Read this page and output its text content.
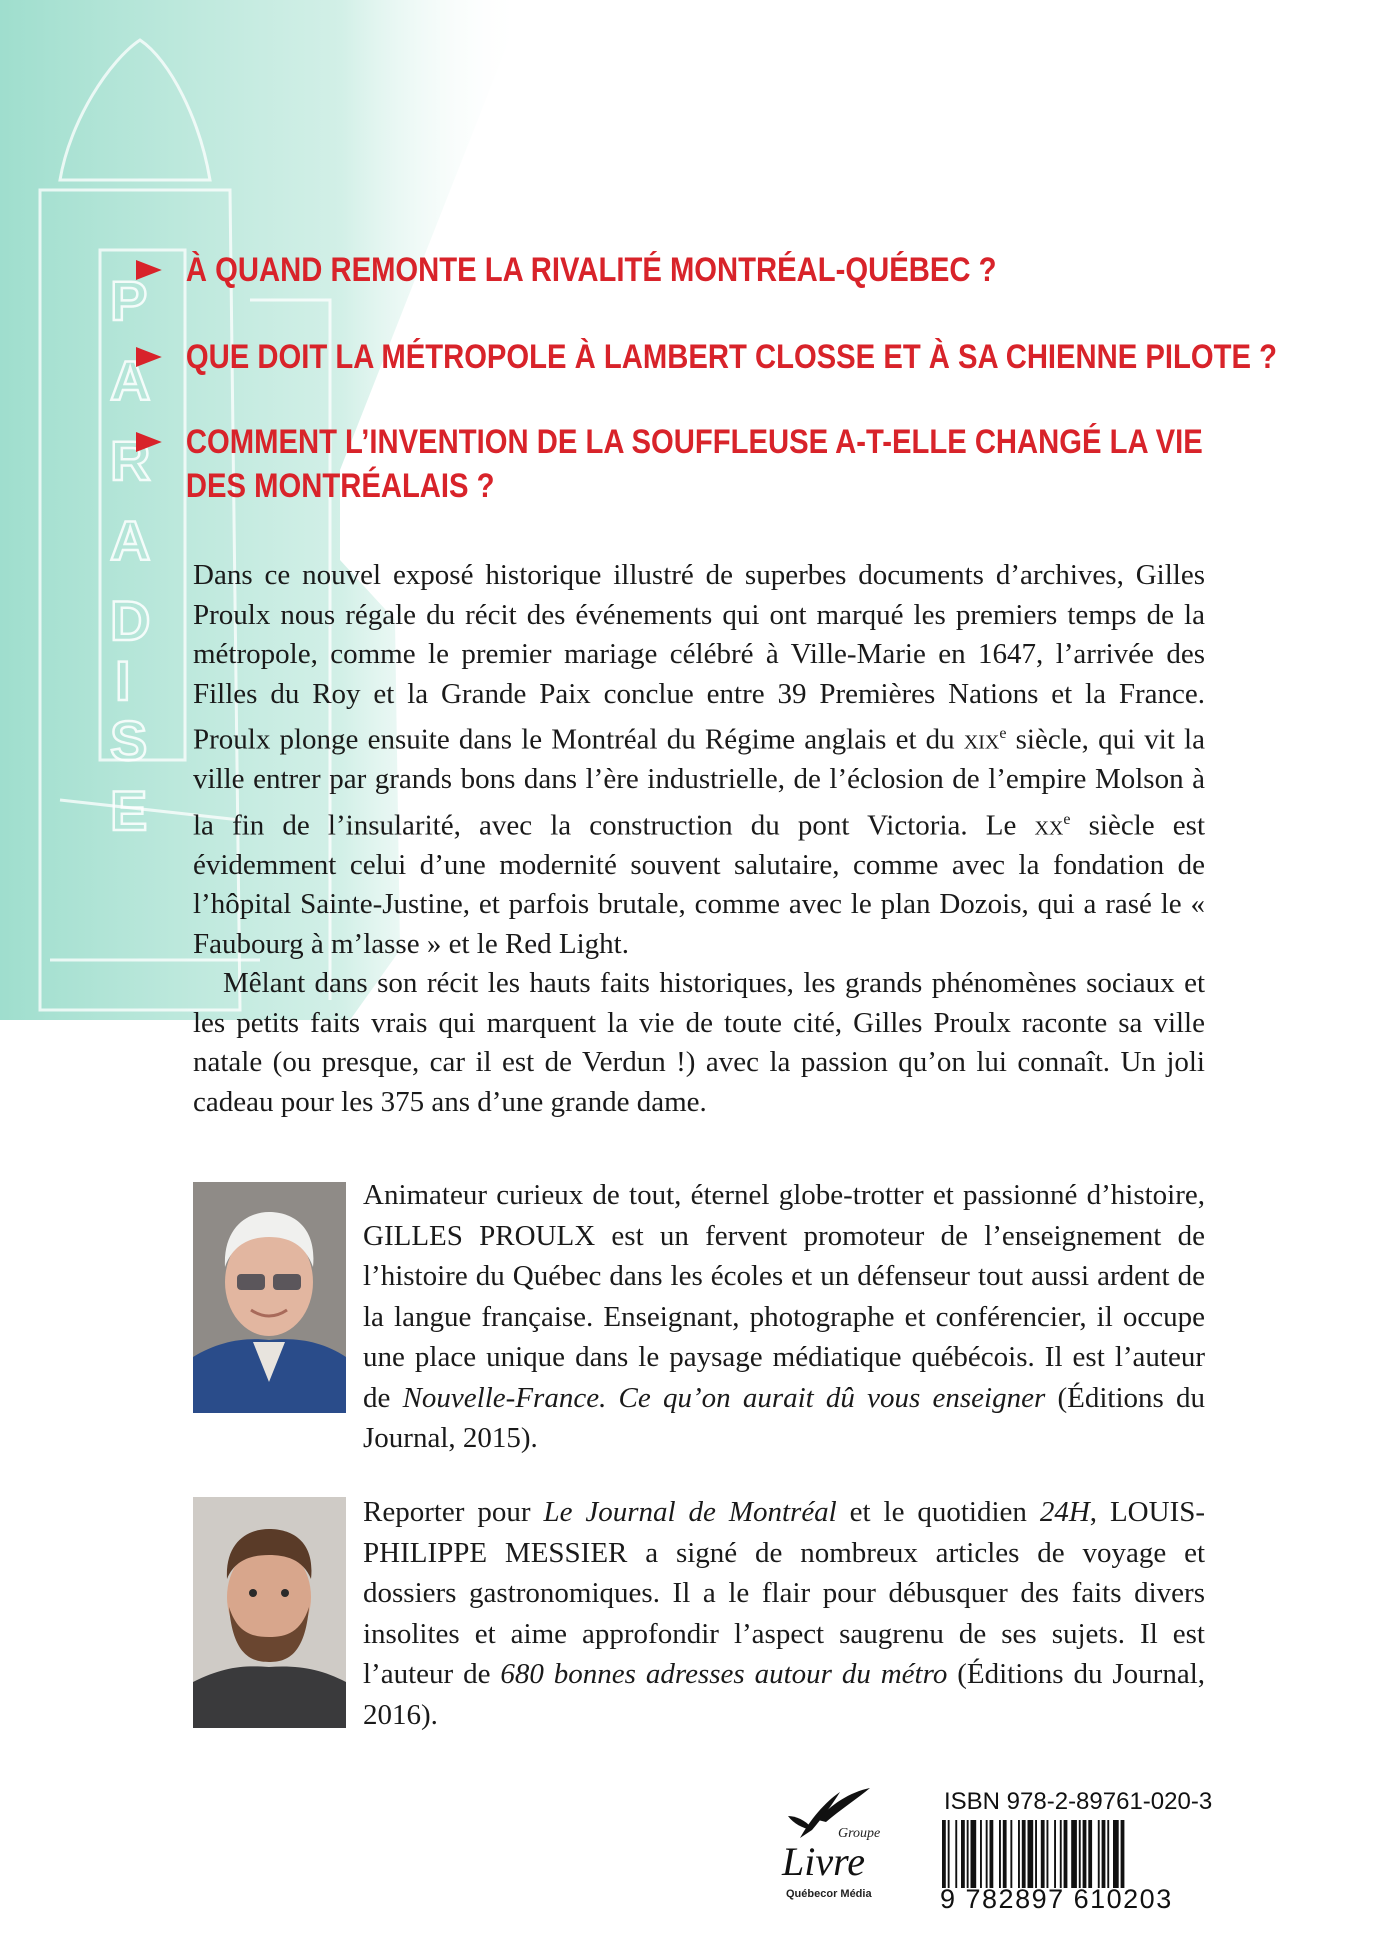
P
A
R
A
D
I
S
E
À QUAND REMONTE LA RIVALITÉ MONTRÉAL-QUÉBEC ?
QUE DOIT LA MÉTROPOLE À LAMBERT CLOSSE ET À SA CHIENNE PILOTE ?
COMMENT L’INVENTION DE LA SOUFFLEUSE A-T-ELLE CHANGÉ LA VIE
DES MONTRÉALAIS ?

Dans ce nouvel exposé historique illustré de superbes documents d’archives, Gilles Proulx nous régale du récit des événements qui ont marqué les premiers temps de la métropole, comme le premier mariage célébré à Ville-Marie en 1647, l’arrivée des Filles du Roy et la Grande Paix conclue entre 39 Premières Nations et la France. Proulx plonge ensuite dans le Montréal du Régime anglais et du xix$^e$ siècle, qui vit la ville entrer par grands bons dans l’ère industrielle, de l’éclosion de l’empire Molson à la fin de l’insularité, avec la construction du pont Victoria. Le $xx^e$ siècle est évidemment celui d’une modernité souvent salutaire, comme avec la fondation de l’hôpital Sainte-Justine, et parfois brutale, comme avec le plan Dozois, qui a rasé le « Faubourg à m’lasse » et le Red Light.

Mêlant dans son récit les hauts faits historiques, les grands phénomènes sociaux et les petits faits vrais qui marquent la vie de toute cité, Gilles Proulx raconte sa ville natale (ou presque, car il est de Verdun !) avec la passion qu’on lui connaît. Un joli cadeau pour les 375 ans d’une grande dame.

Animateur curieux de tout, éternel globe-trotter et passionné d’histoire, GILLES PROULX est un fervent promoteur de l’enseignement de l’histoire du Québec dans les écoles et un défenseur tout aussi ardent de la langue française. Enseignant, photographe et conférencier, il occupe une place unique dans le paysage médiatique québécois. Il est l’auteur de Nouvelle-France. Ce qu’on aurait dû vous enseigner (Éditions du Journal, 2015).

Reporter pour Le Journal de Montréal et le quotidien 24H, LOUIS-PHILIPPE MESSIER a signé de nombreux articles de voyage et dossiers gastronomiques. Il a le flair pour débusquer des faits divers insolites et aime approfondir l’aspect saugrenu de ses sujets. Il est l’auteur de 680 bonnes adresses autour du métro (Éditions du Journal, 2016).

Groupe
Livre
Québecor Média
ISBN 978-2-89761-020-3
9 782897 610203
